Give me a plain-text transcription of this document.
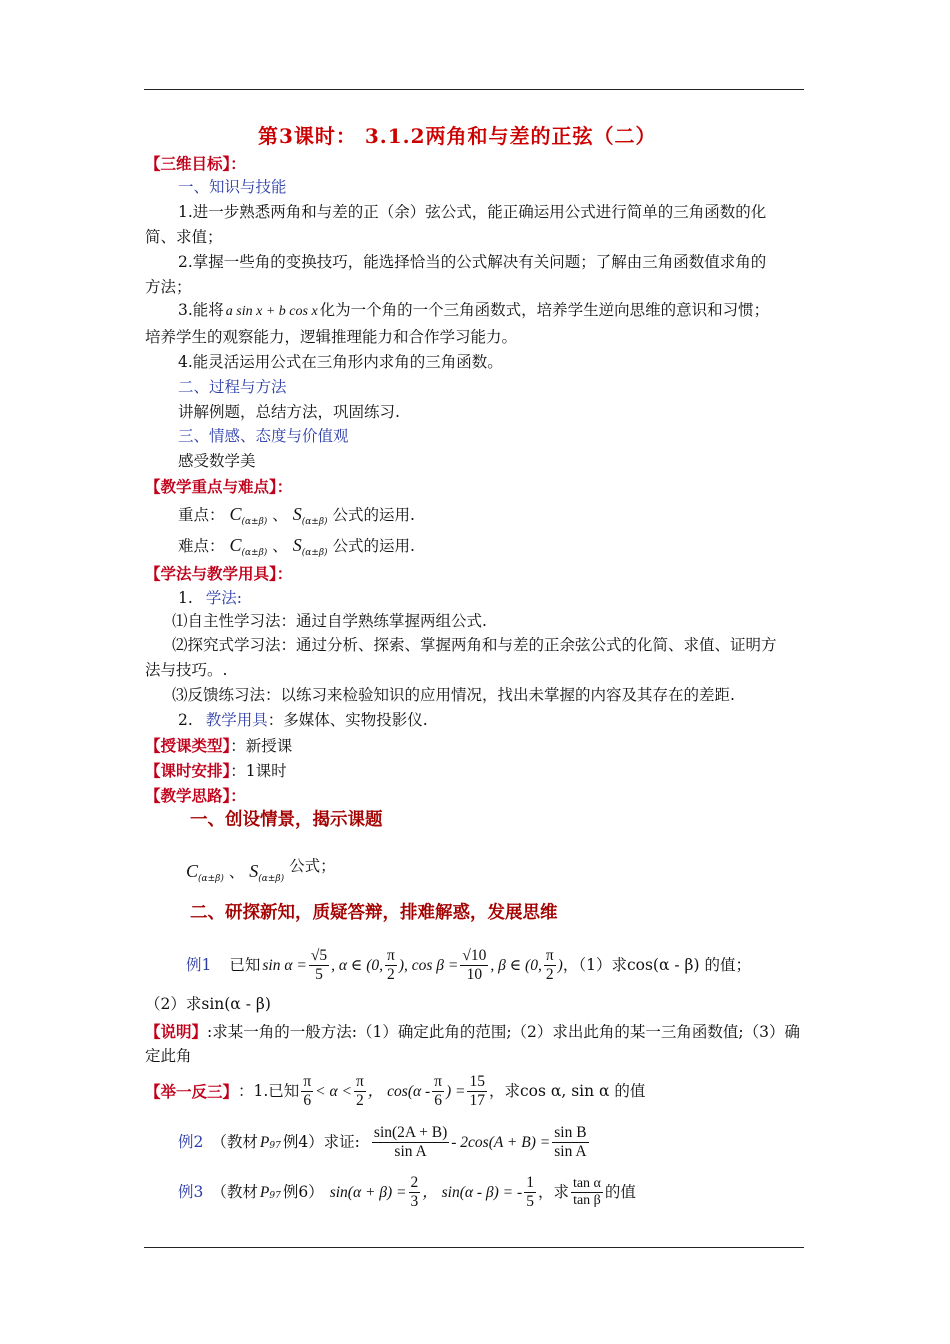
第3课时： 3.1.2两角和与差的正弦（二）
【三维目标】：
一、知识与技能
1.进一步熟悉两角和与差的正（余）弦公式，能正确运用公式进行简单的三角函数的化
简、求值；
2.掌握一些角的变换技巧，能选择恰当的公式解决有关问题；了解由三角函数值求角的
方法；
3.能将 a sin x + b cos x 化为一个角的一个三角函数式，培养学生逆向思维的意识和习惯；
培养学生的观察能力，逻辑推理能力和合作学习能力。
4.能灵活运用公式在三角形内求角的三角函数。
二、过程与方法
讲解例题，总结方法，巩固练习.
三、情感、态度与价值观
感受数学美
【教学重点与难点】：
重点： $C_{(\alpha\pm\beta)}$ 、 $S_{(\alpha\pm\beta)}$ 公式的运用.
难点： $C_{(\alpha\pm\beta)}$ 、 $S_{(\alpha\pm\beta)}$ 公式的运用.
【学法与教学用具】：
1. 学法:
⑴自主性学习法：通过自学熟练掌握两组公式.
⑵探究式学习法：通过分析、探索、掌握两角和与差的正余弦公式的化简、求值、证明方
法与技巧。.
⑶反馈练习法：以练习来检验知识的应用情况，找出未掌握的内容及其存在的差距.
2. 教学用具：多媒体、实物投影仪.
【授课类型】：新授课
【课时安排】：1课时
【教学思路】：
一、创设情景，揭示课题
$C_{(\alpha\pm\beta)}$ 、 $S_{(\alpha\pm\beta)}$ 公式；
二、研探新知，质疑答辩，排难解惑，发展思维
例1 已知 $\sin \alpha = \frac{√5}{5}$ , α ∈ (0, $\frac{\pi}{2}$ ), $\cos \beta = \frac{√10}{10}$ , β ∈ (0, $\frac{\pi}{2}$ ) ，（1）求cos(α - β) 的值；
（2）求sin(α - β)
【说明】:求某一角的一般方法:（1）确定此角的范围;（2）求出此角的某一三角函数值;（3）确
定此角
【举一反三】 ：1.已知 $\frac{\pi}{6} < \alpha < \frac{\pi}{2}$ ， $\cos(\alpha - \frac{\pi}{6}$ ) = $\frac{15}{17}$ ，求cos α, sin α 的值
例2 （教材 P 97 例4）求证: $\frac{\sin(2A + B)}{\text{sin A}} - 2\cos(A + B) = \frac{\text{sin B}}{\text{sin A}}$
例3 （教材 P 97 例6） $\sin(\alpha + \beta) = \frac{2}{3}$ ， sin(α - β) = - $\frac{1}{5}$ ，求 $\frac{\text{tan α}}{\text{tan β}}$ 的值
